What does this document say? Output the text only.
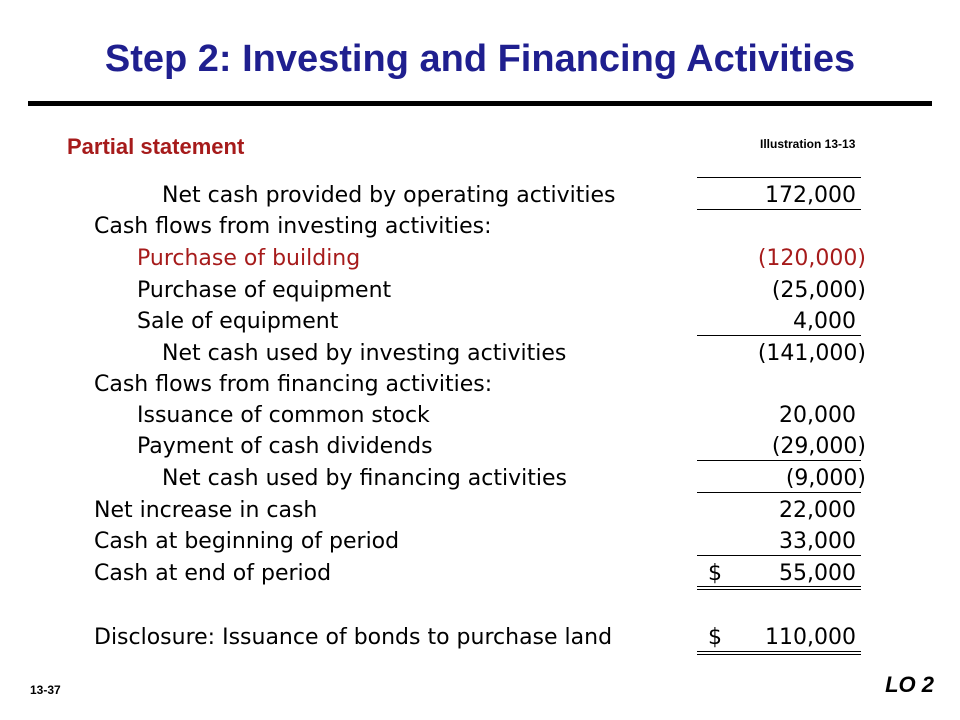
Step 2: Investing and Financing Activities
Partial statement	Illustration 13-13
Net cash provided by operating activities	172,000
Cash flows from investing activities:
Purchase of building	(120,000)
Purchase of equipment	(25,000)
Sale of equipment	4,000
Net cash used by investing activities	(141,000)
Cash flows from financing activities:
Issuance of common stock	20,000
Payment of cash dividends	(29,000)
Net cash used by financing activities	(9,000)
Net increase in cash	22,000
Cash at beginning of period	33,000
Cash at end of period	$	55,000
Disclosure: Issuance of bonds to purchase land	$ 110,000
13-37	LO 2
